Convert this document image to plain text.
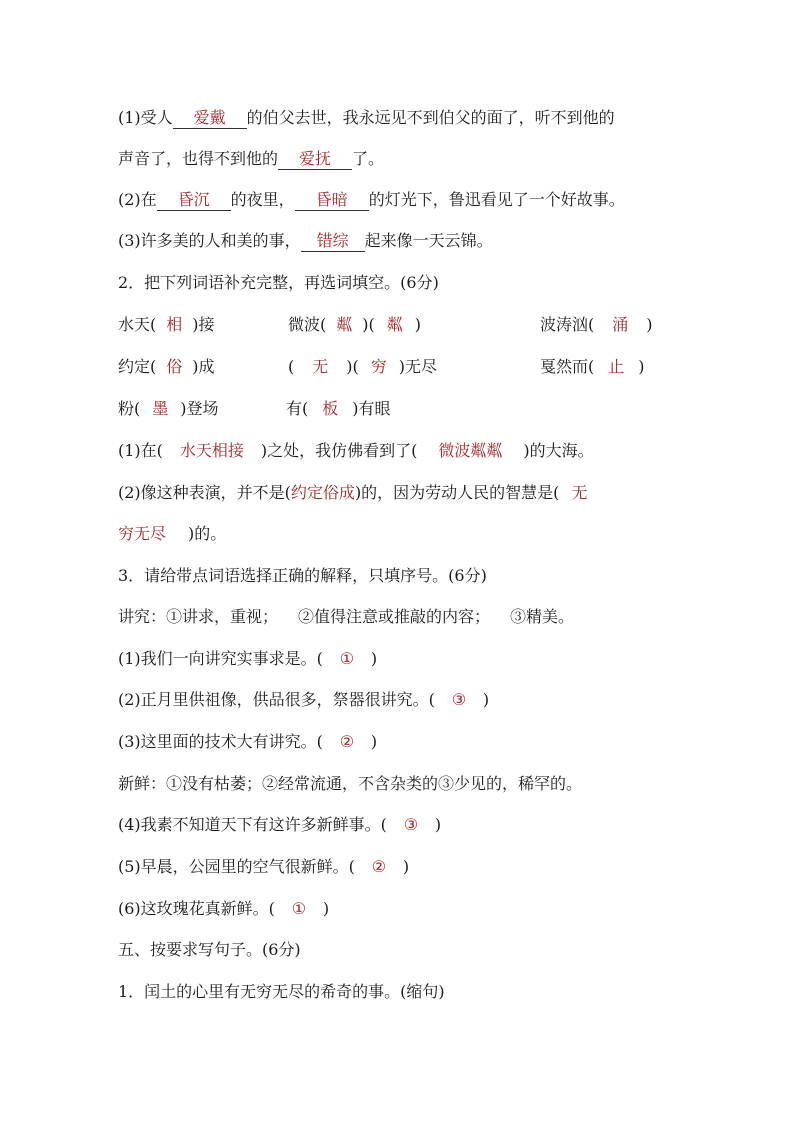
(1)受人 爱戴 的伯父去世，我永远见不到伯父的面了，听不到他的
声音了，也得不到他的 爱抚 了。
(2)在 昏沉 的夜里， 昏暗 的灯光下，鲁迅看见了一个好故事。
(3)许多美的人和美的事， 错综 起来像一天云锦。
2．把下列词语补充完整，再选词填空。(6分)
水天( 相 )接	微波( 粼 )( 粼 )	波涛汹( 涌 )
约定( 俗 )成	( 无 )( 穷 )无尽	戛然而( 止 )
粉( 墨 )登场	有( 板 )有眼
(1)在( 水天相接 )之处，我仿佛看到了( 微波粼粼 )的大海。
(2)像这种表演，并不是(约定俗成)的，因为劳动人民的智慧是( 无
穷无尽 )的。
3．请给带点词语选择正确的解释，只填序号。(6分)
讲究：①讲求，重视； ②值得注意或推敲的内容； ③精美。
(1)我们一向讲究实事求是。( ① )
(2)正月里供祖像，供品很多，祭器很讲究。( ③ )
(3)这里面的技术大有讲究。( ② )
新鲜：①没有枯萎；②经常流通，不含杂类的③少见的，稀罕的。
(4)我素不知道天下有这许多新鲜事。( ③ )
(5)早晨，公园里的空气很新鲜。( ② )
(6)这玫瑰花真新鲜。( ① )
五、按要求写句子。(6分)
1．闰土的心里有无穷无尽的希奇的事。(缩句)
